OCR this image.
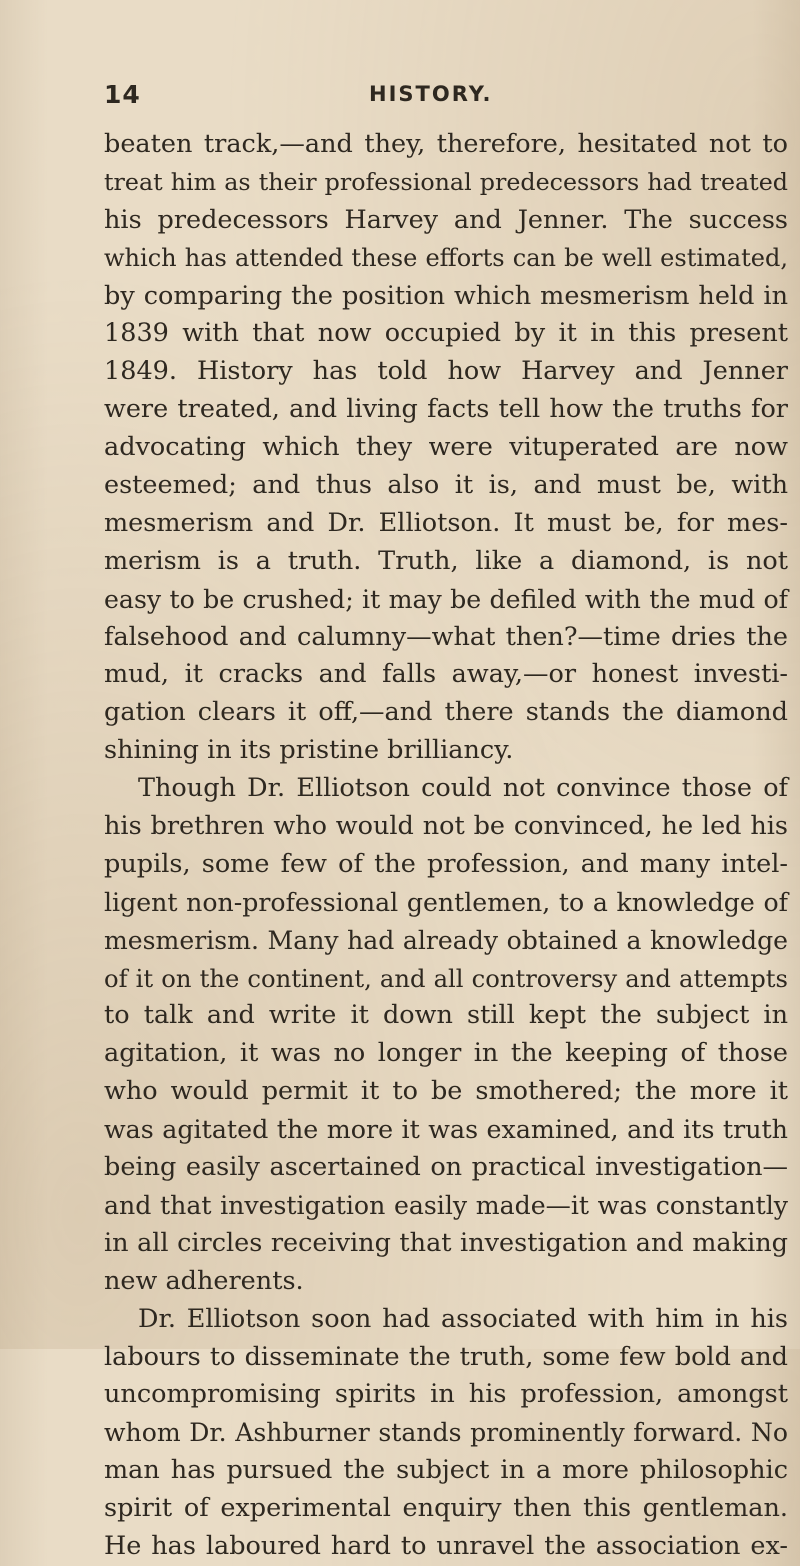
14	HISTORY.
beaten track,—and they, therefore, hesitated not to
treat him as their professional predecessors had treated
his predecessors Harvey and Jenner. The success
which has attended these efforts can be well estimated,
by comparing the position which mesmerism held in
1839 with that now occupied by it in this present
1849. History has told how Harvey and Jenner
were treated, and living facts tell how the truths for
advocating which they were vituperated are now
esteemed; and thus also it is, and must be, with
mesmerism and Dr. Elliotson. It must be, for mes-
merism is a truth. Truth, like a diamond, is not
easy to be crushed; it may be defiled with the mud of
falsehood and calumny—what then?—time dries the
mud, it cracks and falls away,—or honest investi-
gation clears it off,—and there stands the diamond
shining in its pristine brilliancy.
Though Dr. Elliotson could not convince those of
his brethren who would not be convinced, he led his
pupils, some few of the profession, and many intel-
ligent non-professional gentlemen, to a knowledge of
mesmerism. Many had already obtained a knowledge
of it on the continent, and all controversy and attempts
to talk and write it down still kept the subject in
agitation, it was no longer in the keeping of those
who would permit it to be smothered; the more it
was agitated the more it was examined, and its truth
being easily ascertained on practical investigation—
and that investigation easily made—it was constantly
in all circles receiving that investigation and making
new adherents.
Dr. Elliotson soon had associated with him in his
labours to disseminate the truth, some few bold and
uncompromising spirits in his profession, amongst
whom Dr. Ashburner stands prominently forward. No
man has pursued the subject in a more philosophic
spirit of experimental enquiry then this gentleman.
He has laboured hard to unravel the association ex-
